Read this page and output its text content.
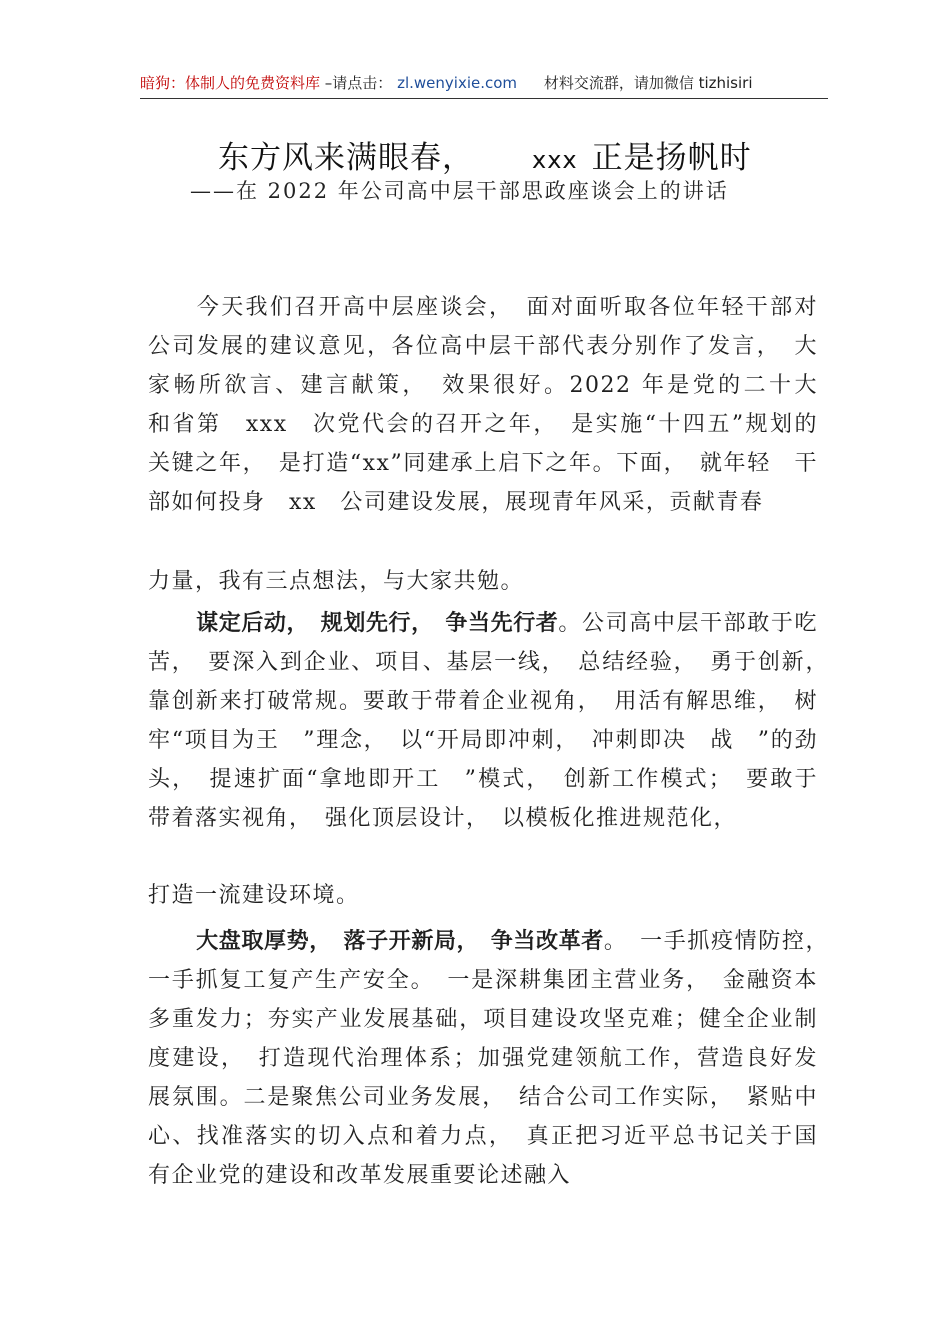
暗狗：体制人的免费资料库 –请点击： zl.wenyixie.com 材料交流群，请加微信 tizhisiri
东方风来满眼春， xxx 正是扬帆时
——在 2022 年公司高中层干部思政座谈会上的讲话
今天我们召开高中层座谈会，　面对面听取各位年轻干部对公司发展的建议意见，各位高中层干部代表分别作了发言，　大家畅所欲言、建言献策，　效果很好。2022 年是党的二十大　和省第　xxx　次党代会的召开之年，　是实施“十四五”规划的　关键之年，　是打造“xx”同建承上启下之年。下面，　就年轻　干部如何投身　xx　公司建设发展，展现青年风采，贡献青春
力量，我有三点想法，与大家共勉。
谋定后动，　规划先行，　争当先行者。公司高中层干部敢于吃苦，　要深入到企业、项目、基层一线，　总结经验，　勇于创新，　靠创新来打破常规。要敢于带着企业视角，　用活有解思维，　树牢“项目为王　”理念，　以“开局即冲刺，　冲刺即决　战　”的劲头，　提速扩面“拿地即开工　”模式，　创新工作模式；　要敢于带着落实视角，　强化顶层设计，　以模板化推进规范化，
打造一流建设环境。
大盘取厚势，　落子开新局，　争当改革者。　一手抓疫情防控，　一手抓复工复产生产安全。　一是深耕集团主营业务，　金融资本多重发力；夯实产业发展基础，项目建设攻坚克难；健全企业制度建设，　打造现代治理体系；加强党建领航工作，营造良好发展氛围。二是聚焦公司业务发展，　结合公司工作实际，　紧贴中心、找准落实的切入点和着力点，　真正把习近平总书记关于国有企业党的建设和改革发展重要论述融入
